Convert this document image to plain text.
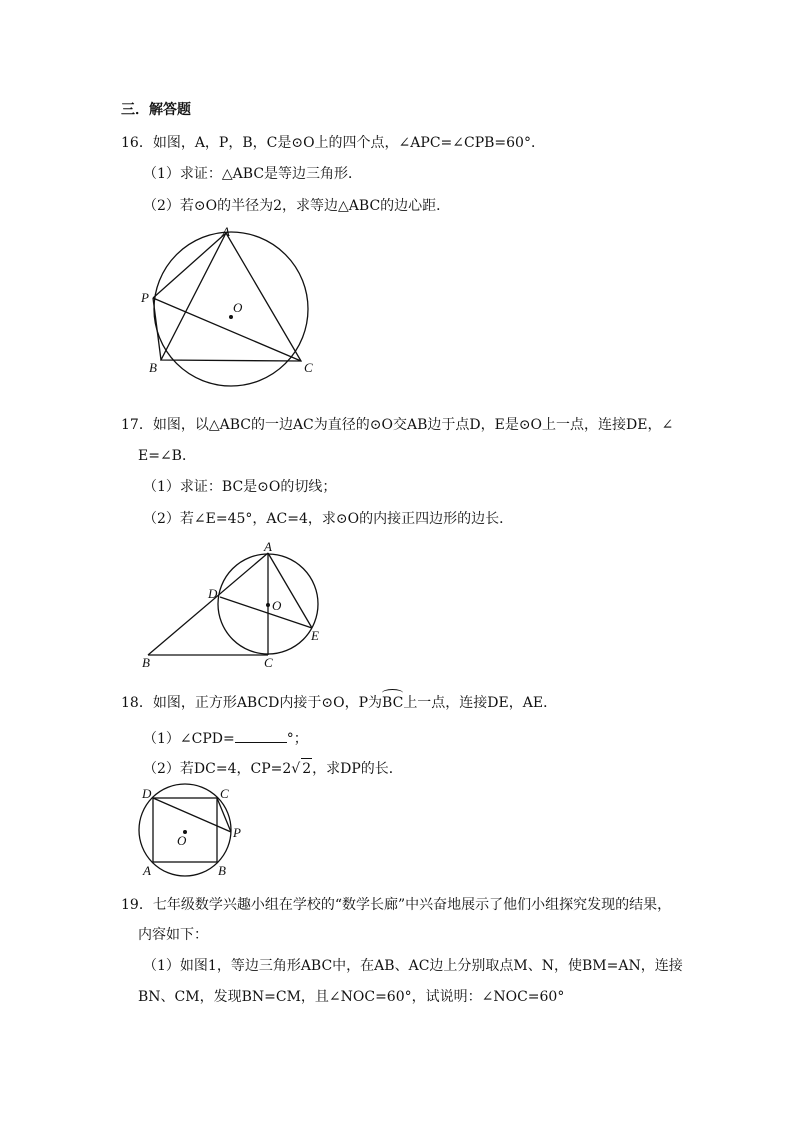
三．解答题
16．如图，A，P，B，C是⊙O上的四个点，∠APC=∠CPB=60°．
（1）求证：△ABC是等边三角形．
（2）若⊙O的半径为2，求等边△ABC的边心距．
A
P
O
B	C
17．如图，以△ABC的一边AC为直径的⊙O交AB边于点D，E是⊙O上一点，连接DE，∠
E=∠B．
（1）求证：BC是⊙O的切线；
（2）若∠E=45°，AC=4，求⊙O的内接正四边形的边长．
A
D
O
E
B	C
18．如图，正方形ABCD内接于⊙O，P为BC上一点，连接DE，AE．
（1）∠CPD=	°；
（2）若DC=4，CP=2√ 2，求DP的长．
D	C
P
O
A	B
19．七年级数学兴趣小组在学校的“数学长廊”中兴奋地展示了他们小组探究发现的结果，
内容如下：
（1）如图1，等边三角形ABC中，在AB、AC边上分别取点M、N，使BM=AN，连接
BN、CM，发现BN=CM，且∠NOC=60°，试说明：∠NOC=60°
